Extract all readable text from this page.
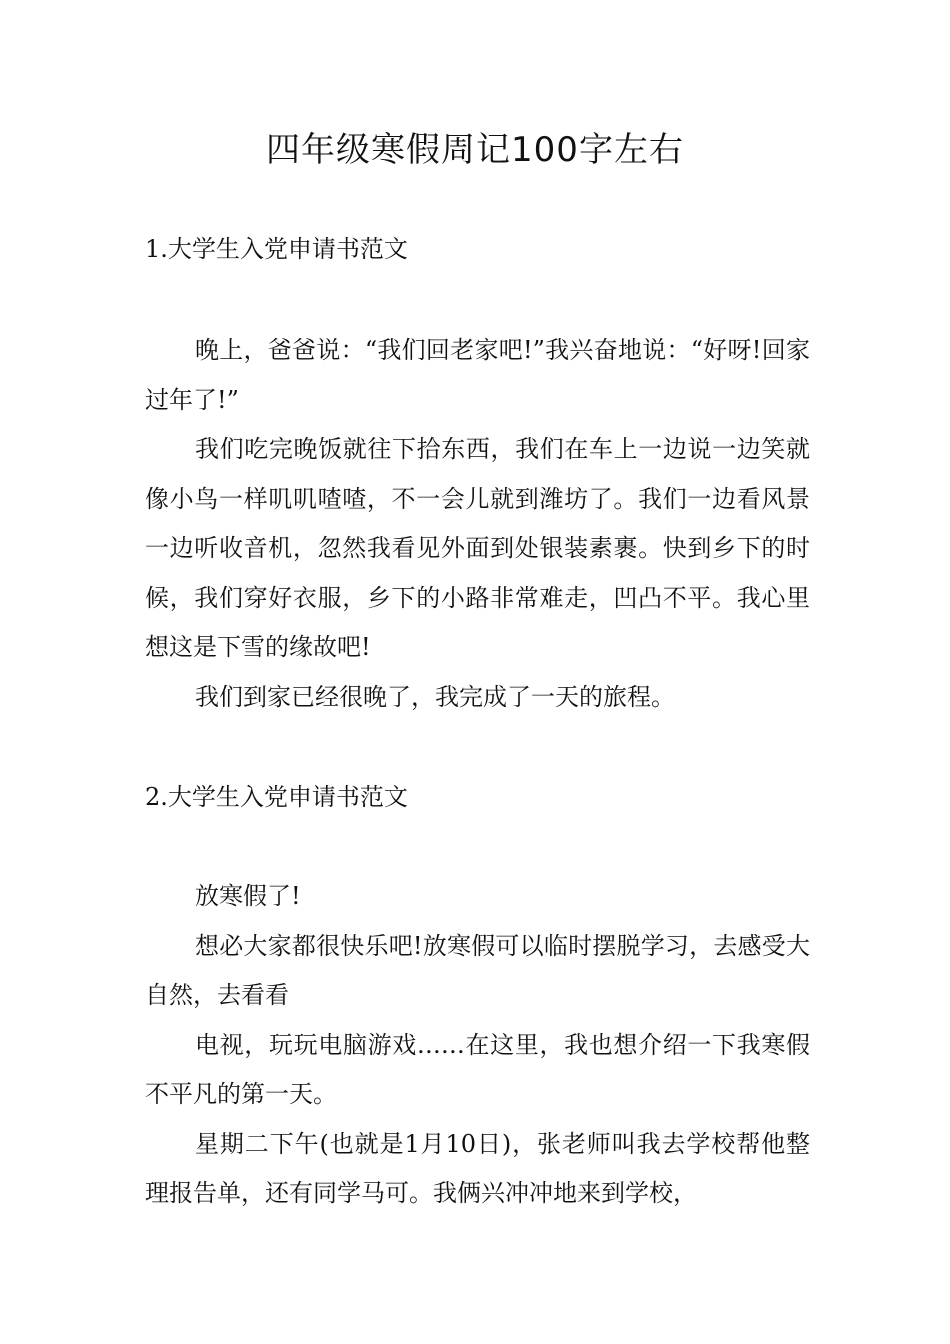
四年级寒假周记100字左右
1.大学生入党申请书范文

晚上，爸爸说：“我们回老家吧!”我兴奋地说：“好呀!回家过年了!”

我们吃完晚饭就往下拾东西，我们在车上一边说一边笑就像小鸟一样叽叽喳喳，不一会儿就到潍坊了。我们一边看风景一边听收音机，忽然我看见外面到处银装素裹。快到乡下的时候，我们穿好衣服，乡下的小路非常难走，凹凸不平。我心里想这是下雪的缘故吧!

我们到家已经很晚了，我完成了一天的旅程。

2.大学生入党申请书范文

放寒假了!

想必大家都很快乐吧!放寒假可以临时摆脱学习，去感受大自然，去看看

电视，玩玩电脑游戏……在这里，我也想介绍一下我寒假不平凡的第一天。

星期二下午(也就是1月10日)，张老师叫我去学校帮他整理报告单，还有同学马可。我俩兴冲冲地来到学校，
